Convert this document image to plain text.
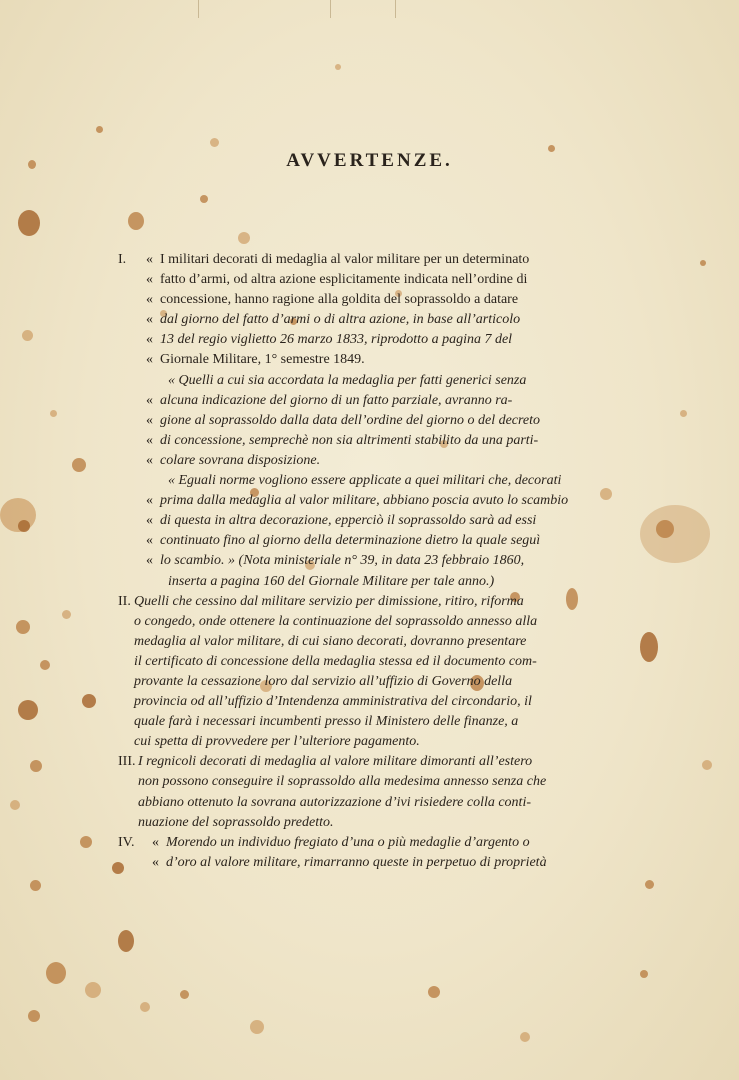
AVVERTENZE.
I.	« I militari decorati di medaglia al valor militare per un determinato
« fatto d’armi, od altra azione esplicitamente indicata nell’ordine di
« concessione, hanno ragione alla goldita del soprassoldo a datare
« dal giorno del fatto d’armi o di altra azione, in base all’articolo
« 13 del regio viglietto 26 marzo 1833, riprodotto a pagina 7 del
« Giornale Militare, 1° semestre 1849.
« Quelli a cui sia accordata la medaglia per fatti generici senza
« alcuna indicazione del giorno di un fatto parziale, avranno ra-
« gione al soprassoldo dalla data dell’ordine del giorno o del decreto
« di concessione, semprechè non sia altrimenti stabilito da una parti-
« colare sovrana disposizione.
« Eguali norme vogliono essere applicate a quei militari che, decorati
« prima dalla medaglia al valor militare, abbiano poscia avuto lo scambio
« di questa in altra decorazione, epperciò il soprassoldo sarà ad essi
« continuato fino al giorno della determinazione dietro la quale seguì
« lo scambio. » (Nota ministeriale n° 39, in data 23 febbraio 1860,
inserta a pagina 160 del Giornale Militare per tale anno.)
II. Quelli che cessino dal militare servizio per dimissione, ritiro, riforma
o congedo, onde ottenere la continuazione del soprassoldo annesso alla
medaglia al valor militare, di cui siano decorati, dovranno presentare
il certificato di concessione della medaglia stessa ed il documento com-
provante la cessazione loro dal servizio all’uffizio di Governo della
provincia od all’uffizio d’Intendenza amministrativa del circondario, il
quale farà i necessari incumbenti presso il Ministero delle finanze, a
cui spetta di provvedere per l’ulteriore pagamento.
III. I regnicoli decorati di medaglia al valore militare dimoranti all’estero
non possono conseguire il soprassoldo alla medesima annesso senza che
abbiano ottenuto la sovrana autorizzazione d’ivi risiedere colla conti-
nuazione del soprassoldo predetto.
IV.	« Morendo un individuo fregiato d’una o più medaglie d’argento o
« d’oro al valore militare, rimarranno queste in perpetuo di proprietà
